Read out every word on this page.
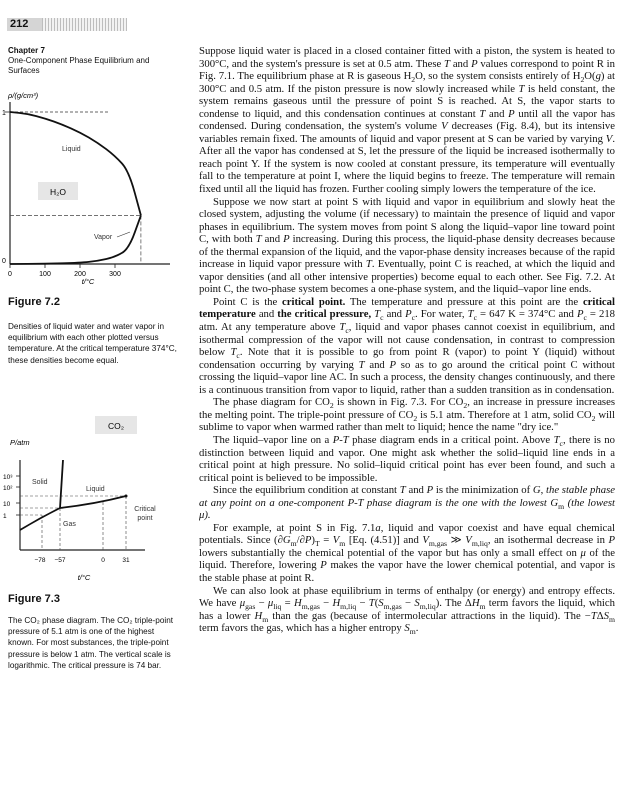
212
Chapter 7
One-Component Phase Equilibrium and Surfaces
ρ/(g/cm³)
1
0
0	100	200	300
Liquid
H₂O
Vapor
t/°C
Figure 7.2
Densities of liquid water and water vapor in equilibrium with each other plotted versus temperature. At the critical temperature 374°C, these densities become equal.
CO₂
P/atm
10³
10²
10
1
Solid
Liquid
Gas
Critical point
−78 −57	0	31
t/°C
Figure 7.3
The CO₂ phase diagram. The CO₂ triple-point pressure of 5.1 atm is one of the highest known. For most substances, the triple-point pressure is below 1 atm. The vertical scale is logarithmic. The critical pressure is 74 bar.

Suppose liquid water is placed in a closed container fitted with a piston, the system is heated to 300°C, and the system's pressure is set at 0.5 atm. These T and P values correspond to point R in Fig. 7.1. The equilibrium phase at R is gaseous $H_2O$, so the system consists entirely of $H_2O(g)$ at 300°C and 0.5 atm. If the piston pressure is now slowly increased while T is held constant, the system remains gaseous until the pressure of point S is reached. At S, the vapor starts to condense to liquid, and this condensation continues at constant T and P until all the vapor has condensed. During condensation, the system's volume V decreases (Fig. 8.4), but its intensive variables remain fixed. The amounts of liquid and vapor present at S can be varied by varying V. After all the vapor has condensed at S, let the pressure of the liquid be increased isothermally to reach point Y. If the system is now cooled at constant pressure, its temperature will eventually fall to the temperature at point I, where the liquid begins to freeze. The temperature will remain fixed until all the liquid has frozen. Further cooling simply lowers the temperature of the ice.

Suppose we now start at point S with liquid and vapor in equilibrium and slowly heat the closed system, adjusting the volume (if necessary) to maintain the presence of liquid and vapor phases in equilibrium. The system moves from point S along the liquid–vapor line toward point C, with both T and P increasing. During this process, the liquid-phase density decreases because of the thermal expansion of the liquid, and the vapor-phase density increases because of the rapid increase in liquid vapor pressure with T. Eventually, point C is reached, at which the liquid and vapor densities (and all other intensive properties) become equal to each other. See Fig. 7.2. At point C, the two-phase system becomes a one-phase system, and the liquid–vapor line ends.

Point C is the critical point. The temperature and pressure at this point are the critical temperature and the critical pressure, $T_c$ and $P_c$. For water, $T_c = 647$ K = 374°C and $P_c = 218$ atm. At any temperature above $T_c$, liquid and vapor phases cannot coexist in equilibrium, and isothermal compression of the vapor will not cause condensation, in contrast to compression below $T_c$. Note that it is possible to go from point R (vapor) to point Y (liquid) without condensation occurring by varying T and P so as to go around the critical point C without crossing the liquid–vapor line AC. In such a process, the density changes continuously, and there is a continuous transition from vapor to liquid, rather than a sudden transition as in condensation.

The phase diagram for $CO_2$ is shown in Fig. 7.3. For $CO_2$, an increase in pressure increases the melting point. The triple-point pressure of $CO_2$ is 5.1 atm. Therefore at 1 atm, solid $CO_2$ will sublime to vapor when warmed rather than melt to liquid; hence the name "dry ice."

The liquid–vapor line on a P-T phase diagram ends in a critical point. Above $T_c$, there is no distinction between liquid and vapor. One might ask whether the solid–liquid line ends in a critical point at high pressure. No solid–liquid critical point has ever been found, and such a critical point is believed to be impossible.

Since the equilibrium condition at constant T and P is the minimization of G, the stable phase at any point on a one-component P-T phase diagram is the one with the lowest $G_m$ (the lowest μ).

For example, at point S in Fig. 7.1a, liquid and vapor coexist and have equal chemical potentials. Since $(\partial G_m/\partial P)_T = V_m$ [Eq. (4.51)] and $V_{m,gas}$ ≫ $V_{m,liq}$, an isothermal decrease in P lowers substantially the chemical potential of the vapor but has only a small effect on μ of the liquid. Therefore, lowering P makes the vapor have the lower chemical potential, and vapor is the stable phase at point R.

We can also look at phase equilibrium in terms of enthalpy (or energy) and entropy effects. We have $\mu_{gas} - \mu_{liq} = H_{m,gas} - H_{m,liq} - T(S_{m,gas} - S_{m,liq})$. The $\Delta H_m$ term favors the liquid, which has a lower $H_m$ than the gas (because of intermolecular attractions in the liquid). The $-T\Delta S_m$ term favors the gas, which has a higher entropy $S_m$.
